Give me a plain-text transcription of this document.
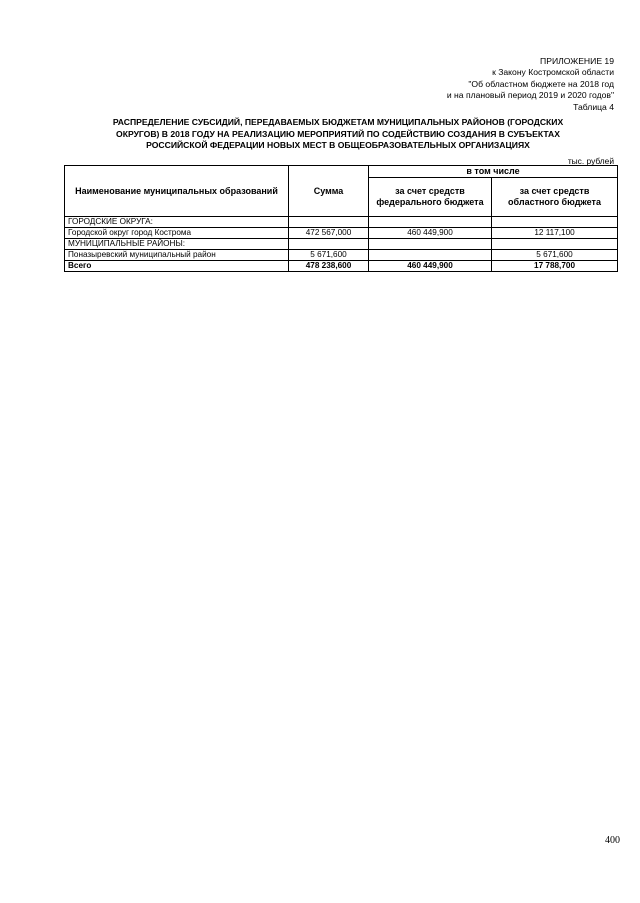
ПРИЛОЖЕНИЕ 19
к Закону Костромской области
"Об областном бюджете на 2018 год
и на плановый период 2019 и 2020 годов"
Таблица 4
РАСПРЕДЕЛЕНИЕ СУБСИДИЙ, ПЕРЕДАВАЕМЫХ БЮДЖЕТАМ МУНИЦИПАЛЬНЫХ РАЙОНОВ (ГОРОДСКИХ
ОКРУГОВ) В 2018 ГОДУ НА РЕАЛИЗАЦИЮ МЕРОПРИЯТИЙ ПО СОДЕЙСТВИЮ СОЗДАНИЯ В СУБЪЕКТАХ
РОССИЙСКОЙ ФЕДЕРАЦИИ НОВЫХ МЕСТ В ОБЩЕОБРАЗОВАТЕЛЬНЫХ ОРГАНИЗАЦИЯХ
тыс. рублей
Наименование муниципальных образований	Сумма	в том числе	
		за счет средств федерального бюджета	за счет средств областного бюджета
ГОРОДСКИЕ ОКРУГА:			
Городской округ город Кострома	472 567,000	460 449,900	12 117,100
МУНИЦИПАЛЬНЫЕ РАЙОНЫ:			
Поназыревский муниципальный район	5 671,600		5 671,600
Всего	478 238,600	460 449,900	17 788,700
400
